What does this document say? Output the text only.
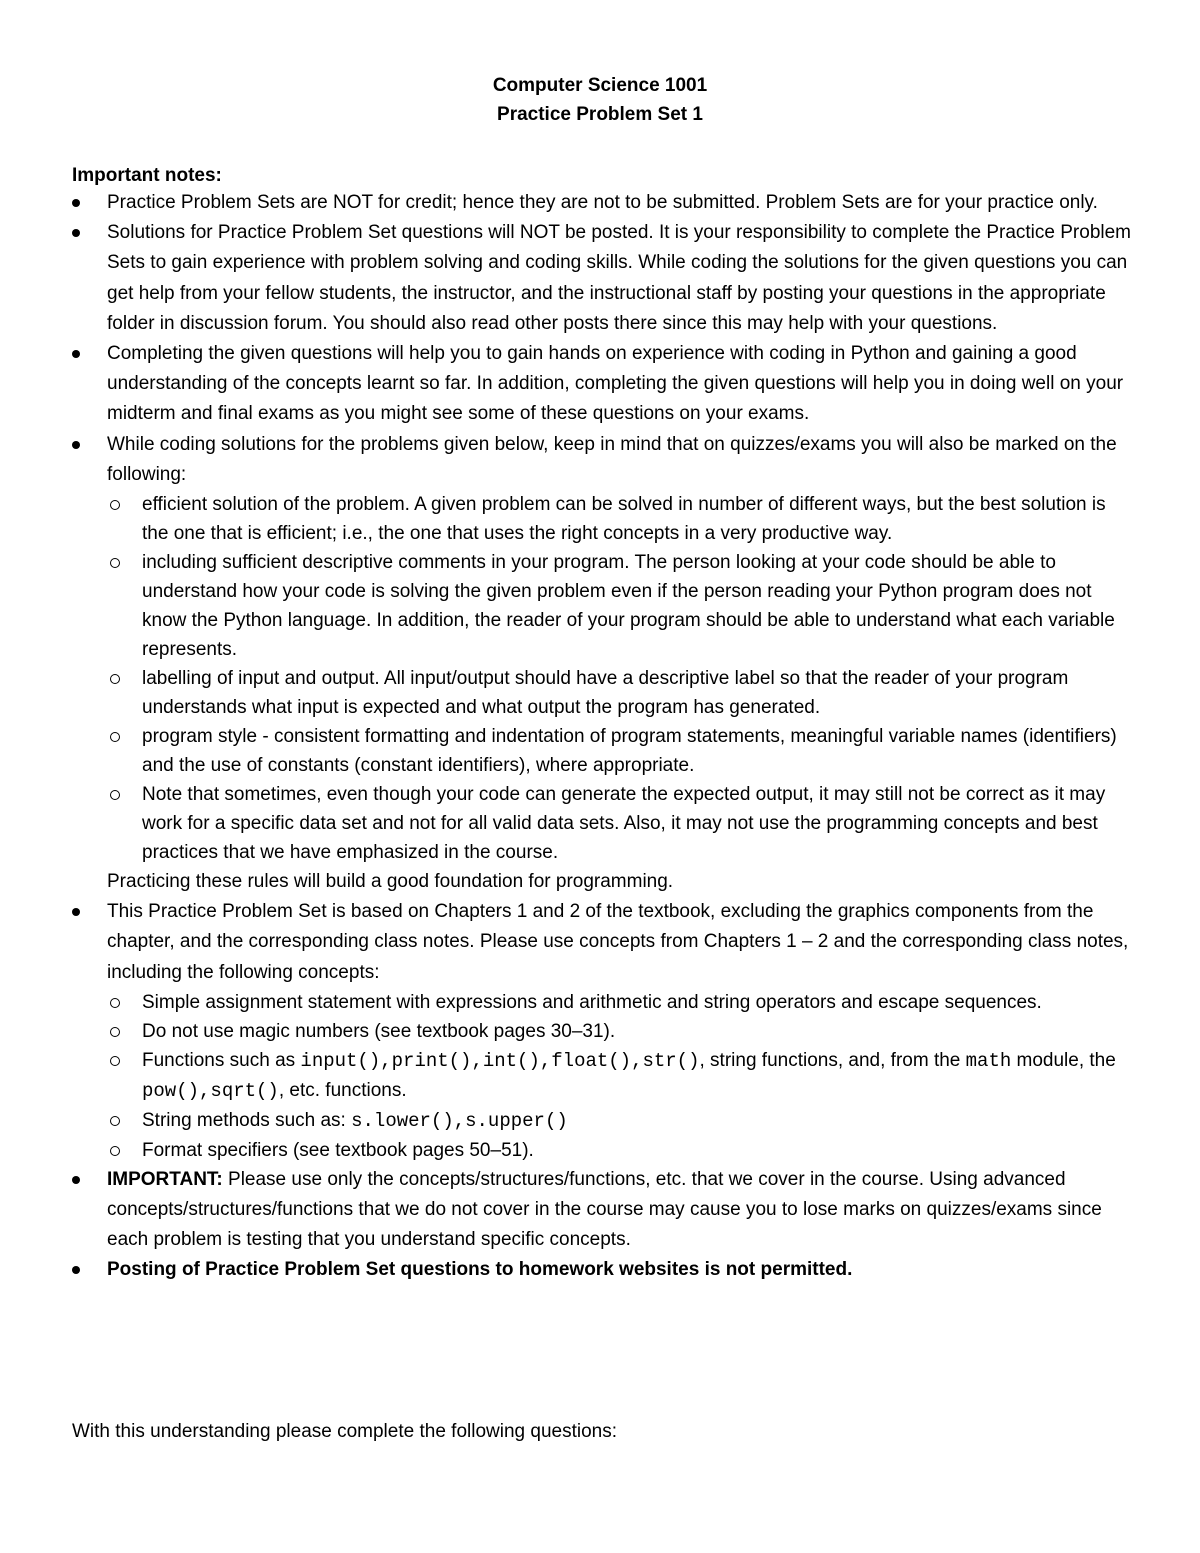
Computer Science 1001
Practice Problem Set 1
Important notes:
Practice Problem Sets are NOT for credit; hence they are not to be submitted. Problem Sets are for your practice only.
Solutions for Practice Problem Set questions will NOT be posted. It is your responsibility to complete the Practice Problem Sets to gain experience with problem solving and coding skills. While coding the solutions for the given questions you can get help from your fellow students, the instructor, and the instructional staff by posting your questions in the appropriate folder in discussion forum. You should also read other posts there since this may help with your questions.
Completing the given questions will help you to gain hands on experience with coding in Python and gaining a good understanding of the concepts learnt so far. In addition, completing the given questions will help you in doing well on your midterm and final exams as you might see some of these questions on your exams.
While coding solutions for the problems given below, keep in mind that on quizzes/exams you will also be marked on the following:
efficient solution of the problem. A given problem can be solved in number of different ways, but the best solution is the one that is efficient; i.e., the one that uses the right concepts in a very productive way.
including sufficient descriptive comments in your program. The person looking at your code should be able to understand how your code is solving the given problem even if the person reading your Python program does not know the Python language. In addition, the reader of your program should be able to understand what each variable represents.
labelling of input and output. All input/output should have a descriptive label so that the reader of your program understands what input is expected and what output the program has generated.
program style - consistent formatting and indentation of program statements, meaningful variable names (identifiers) and the use of constants (constant identifiers), where appropriate.
Note that sometimes, even though your code can generate the expected output, it may still not be correct as it may work for a specific data set and not for all valid data sets. Also, it may not use the programming concepts and best practices that we have emphasized in the course.
Practicing these rules will build a good foundation for programming.
This Practice Problem Set is based on Chapters 1 and 2 of the textbook, excluding the graphics components from the chapter, and the corresponding class notes. Please use concepts from Chapters 1 – 2 and the corresponding class notes, including the following concepts:
Simple assignment statement with expressions and arithmetic and string operators and escape sequences.
Do not use magic numbers (see textbook pages 30–31).
Functions such as input(),print(),int(),float(),str(), string functions, and, from the math module, the pow(),sqrt(), etc. functions.
String methods such as: s.lower(),s.upper()
Format specifiers (see textbook pages 50–51).
IMPORTANT: Please use only the concepts/structures/functions, etc. that we cover in the course. Using advanced concepts/structures/functions that we do not cover in the course may cause you to lose marks on quizzes/exams since each problem is testing that you understand specific concepts.
Posting of Practice Problem Set questions to homework websites is not permitted.
With this understanding please complete the following questions:
